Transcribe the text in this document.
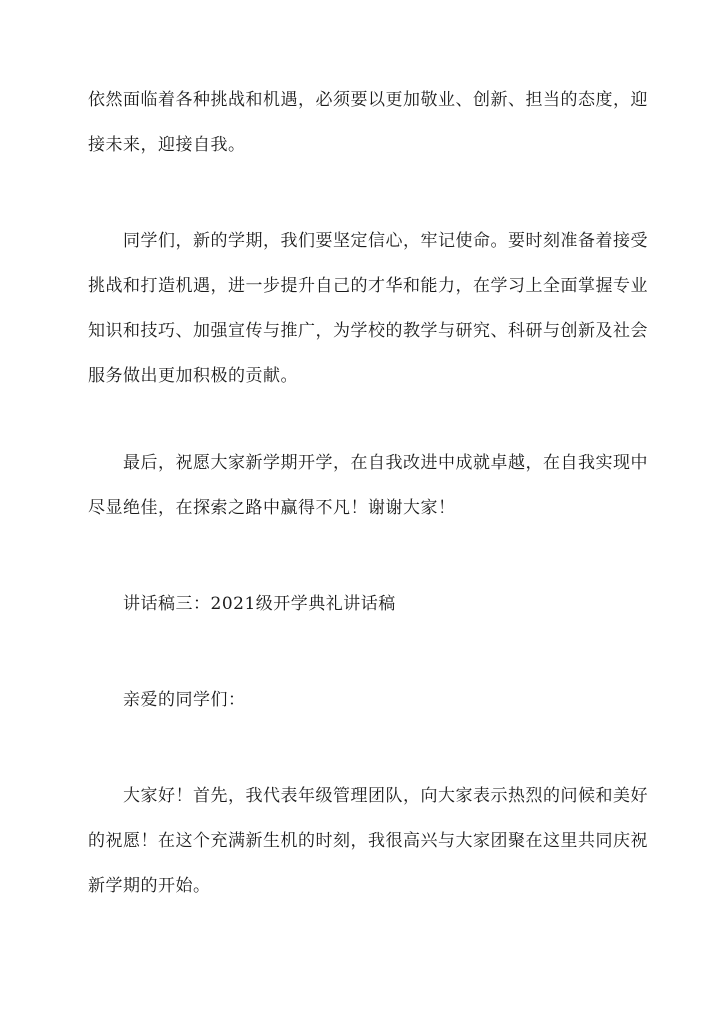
依然面临着各种挑战和机遇，必须要以更加敬业、创新、担当的态度，迎
接未来，迎接自我。
同学们，新的学期，我们要坚定信心，牢记使命。要时刻准备着接受
挑战和打造机遇，进一步提升自己的才华和能力，在学习上全面掌握专业
知识和技巧、加强宣传与推广，为学校的教学与研究、科研与创新及社会
服务做出更加积极的贡献。
最后，祝愿大家新学期开学，在自我改进中成就卓越，在自我实现中
尽显绝佳，在探索之路中赢得不凡！谢谢大家！
讲话稿三：2021级开学典礼讲话稿
亲爱的同学们：
大家好！首先，我代表年级管理团队，向大家表示热烈的问候和美好
的祝愿！在这个充满新生机的时刻，我很高兴与大家团聚在这里共同庆祝
新学期的开始。
